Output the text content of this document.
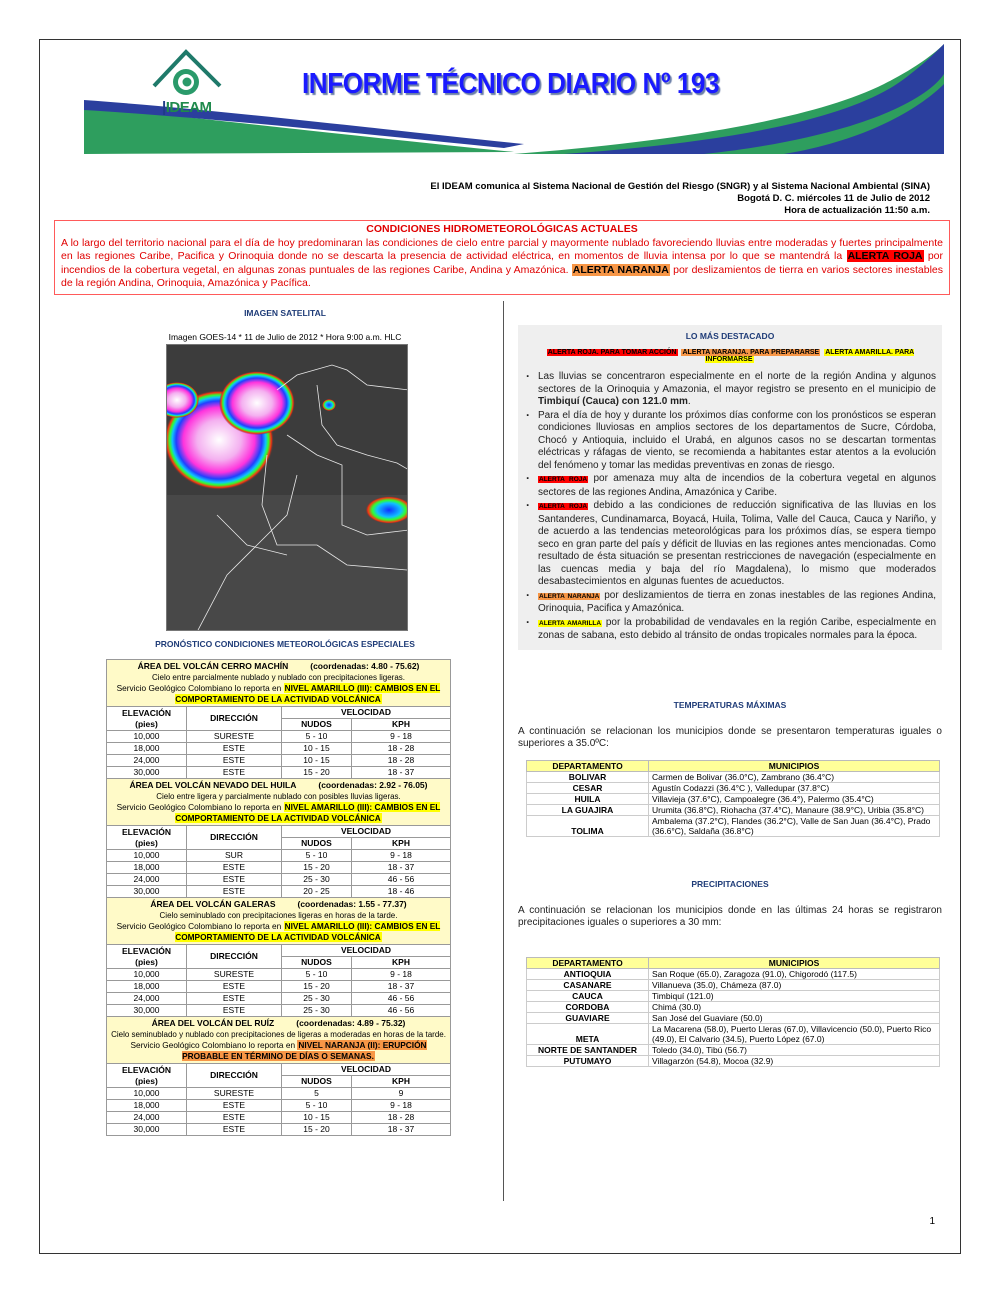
|IDEAM
INFORME TÉCNICO DIARIO Nº 193
El IDEAM comunica al Sistema Nacional de Gestión del Riesgo (SNGR) y al Sistema Nacional Ambiental (SINA)
Bogotá D. C. miércoles 11 de Julio de 2012
Hora de actualización 11:50 a.m.
CONDICIONES HIDROMETEOROLÓGICAS ACTUALES

A lo largo del territorio nacional para el día de hoy predominaran las condiciones de cielo entre parcial y mayormente nublado favoreciendo lluvias entre moderadas y fuertes principalmente en las regiones Caribe, Pacifica y Orinoquia donde no se descarta la presencia de actividad eléctrica, en momentos de lluvia intensa por lo que se mantendrá la ALERTA ROJA por incendios de la cobertura vegetal, en algunas zonas puntuales de las regiones Caribe, Andina y Amazónica. ALERTA NARANJA por deslizamientos de tierra en varios sectores inestables de la región Andina, Orinoquia, Amazónica y Pacífica.

IMAGEN SATELITAL
Imagen GOES-14 * 11 de Julio de 2012 * Hora 9:00 a.m. HLC
PRONÓSTICO CONDICIONES METEOROLÓGICAS ESPECIALES
ÁREA DEL VOLCÁN CERRO MACHÍN (coordenadas: 4.80 - 75.62)
Cielo entre parcialmente nublado y nublado con precipitaciones ligeras.
Servicio Geológico Colombiano lo reporta en NIVEL AMARILLO (III): CAMBIOS EN EL COMPORTAMIENTO DE LA ACTIVIDAD VOLCÁNICA			

ELEVACIÓN
(pies)	DIRECCIÓN	VELOCIDAD	
		NUDOS	KPH
10,000	SURESTE	5 - 10	9 - 18
18,000	ESTE	10 - 15	18 - 28
24,000	ESTE	10 - 15	18 - 28
30,000	ESTE	15 - 20	18 - 37

ÁREA DEL VOLCÁN NEVADO DEL HUILA (coordenadas: 2.92 - 76.05)
Cielo entre ligera y parcialmente nublado con posibles lluvias ligeras.
Servicio Geológico Colombiano lo reporta en NIVEL AMARILLO (III): CAMBIOS EN EL COMPORTAMIENTO DE LA ACTIVIDAD VOLCÁNICA			

ELEVACIÓN
(pies)	DIRECCIÓN	VELOCIDAD	
		NUDOS	KPH
10,000	SUR	5 - 10	9 - 18
18,000	ESTE	15 - 20	18 - 37
24,000	ESTE	25 - 30	46 - 56
30,000	ESTE	20 - 25	18 - 46

ÁREA DEL VOLCÁN GALERAS (coordenadas: 1.55 - 77.37)
Cielo seminublado con precipitaciones ligeras en horas de la tarde.
Servicio Geológico Colombiano lo reporta en NIVEL AMARILLO (III): CAMBIOS EN EL COMPORTAMIENTO DE LA ACTIVIDAD VOLCÁNICA			

ELEVACIÓN
(pies)	DIRECCIÓN	VELOCIDAD	
		NUDOS	KPH
10,000	SURESTE	5 - 10	9 - 18
18,000	ESTE	15 - 20	18 - 37
24,000	ESTE	25 - 30	46 - 56
30,000	ESTE	25 - 30	46 - 56

ÁREA DEL VOLCÁN DEL RUÍZ (coordenadas: 4.89 - 75.32)
Cielo seminublado y nublado con precipitaciones de ligeras a moderadas en horas de la tarde.
Servicio Geológico Colombiano lo reporta en NIVEL NARANJA (II): ERUPCIÓN PROBABLE EN TÉRMINO DE DÍAS O SEMANAS.			

ELEVACIÓN
(pies)	DIRECCIÓN	VELOCIDAD	
		NUDOS	KPH
10,000	SURESTE	5	9
18,000	ESTE	5 - 10	9 - 18
24,000	ESTE	10 - 15	18 - 28
30,000	ESTE	15 - 20	18 - 37
LO MÁS DESTACADO
ALERTA ROJA. PARA TOMAR ACCIÓN ALERTA NARANJA. PARA PREPARARSE ALERTA AMARILLA. PARA INFORMARSE
· Las lluvias se concentraron especialmente en el norte de la región Andina y algunos sectores de la Orinoquia y Amazonia, el mayor registro se presento en el municipio de Timbiquí (Cauca) con 121.0 mm.
· Para el día de hoy y durante los próximos días conforme con los pronósticos se esperan condiciones lluviosas en amplios sectores de los departamentos de Sucre, Córdoba, Chocó y Antioquia, incluido el Urabá, en algunos casos no se descartan tormentas eléctricas y ráfagas de viento, se recomienda a habitantes estar atentos a la evolución del fenómeno y tomar las medidas preventivas en zonas de riesgo.
· ALERTA ROJA por amenaza muy alta de incendios de la cobertura vegetal en algunos sectores de las regiones Andina, Amazónica y Caribe.
· ALERTA ROJA debido a las condiciones de reducción significativa de las lluvias en los Santanderes, Cundinamarca, Boyacá, Huila, Tolima, Valle del Cauca, Cauca y Nariño, y de acuerdo a las tendencias meteorológicas para los próximos días, se espera tiempo seco en gran parte del país y déficit de lluvias en las regiones antes mencionadas. Como resultado de ésta situación se presentan restricciones de navegación (especialmente en las cuencas media y baja del río Magdalena), lo mismo que moderados desabastecimientos en algunas fuentes de acueductos.
· ALERTA NARANJA por deslizamientos de tierra en zonas inestables de las regiones Andina, Orinoquia, Pacifica y Amazónica.
· ALERTA AMARILLA por la probabilidad de vendavales en la región Caribe, especialmente en zonas de sabana, esto debido al tránsito de ondas tropicales normales para la época.
TEMPERATURAS MÁXIMAS
A continuación se relacionan los municipios donde se presentaron temperaturas iguales o superiores a 35.0ºC:
DEPARTAMENTO	MUNICIPIOS
BOLIVAR	Carmen de Bolivar (36.0°C), Zambrano (36.4°C)
CESAR	Agustín Codazzi (36.4°C ), Valledupar (37.8°C)
HUILA	Villavieja (37.6°C), Campoalegre (36.4°), Palermo (35.4°C)
LA GUAJIRA	Urumita (36.8°C), Riohacha (37.4°C), Manaure (38.9°C), Uribia (35.8°C)
TOLIMA	Ambalema (37.2°C), Flandes (36.2°C), Valle de San Juan (36.4°C), Prado (36.6°C), Saldaña (36.8°C)
PRECIPITACIONES
A continuación se relacionan los municipios donde en las últimas 24 horas se registraron precipitaciones iguales o superiores a 30 mm:
DEPARTAMENTO	MUNICIPIOS
ANTIOQUIA	San Roque (65.0), Zaragoza (91.0), Chigorodó (117.5)
CASANARE	Villanueva (35.0), Chámeza (87.0)
CAUCA	Timbiquí (121.0)
CORDOBA	Chimá (30.0)
GUAVIARE	San José del Guaviare (50.0)
META	La Macarena (58.0), Puerto Lleras (67.0), Villavicencio (50.0), Puerto Rico (49.0), El Calvario (34.5), Puerto López (67.0)
NORTE DE SANTANDER	Toledo (34.0), Tibú (56.7)
PUTUMAYO	Villagarzón (54.8), Mocoa (32.9)
1
